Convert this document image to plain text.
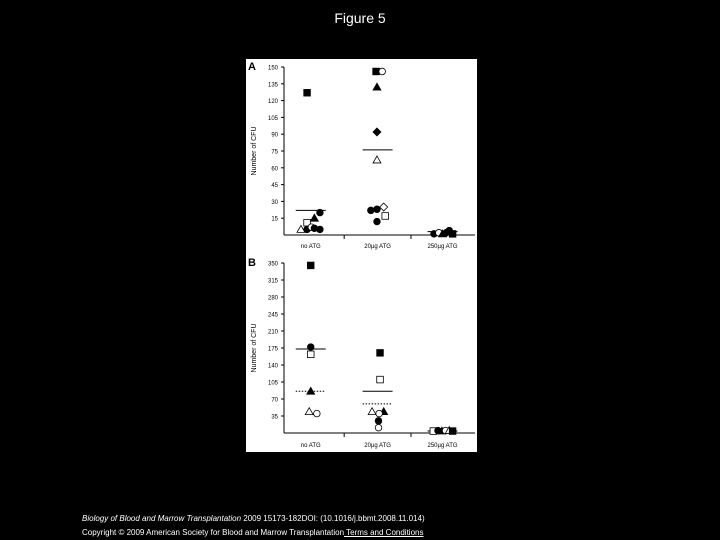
Figure 5
A
15
30
45
60
75
90
105
120
135
150
Number of CFU
no ATG	20µg ATG	250µg ATG
B
35
70
105
140
175
210
245
280
315
350
Number of CFU
no ATG	20µg ATG	250µg ATG
Biology of Blood and Marrow Transplantation 2009 15173-182DOI: (10.1016/j.bbmt.2008.11.014)
Copyright © 2009 American Society for Blood and Marrow Transplantation Terms and Conditions
